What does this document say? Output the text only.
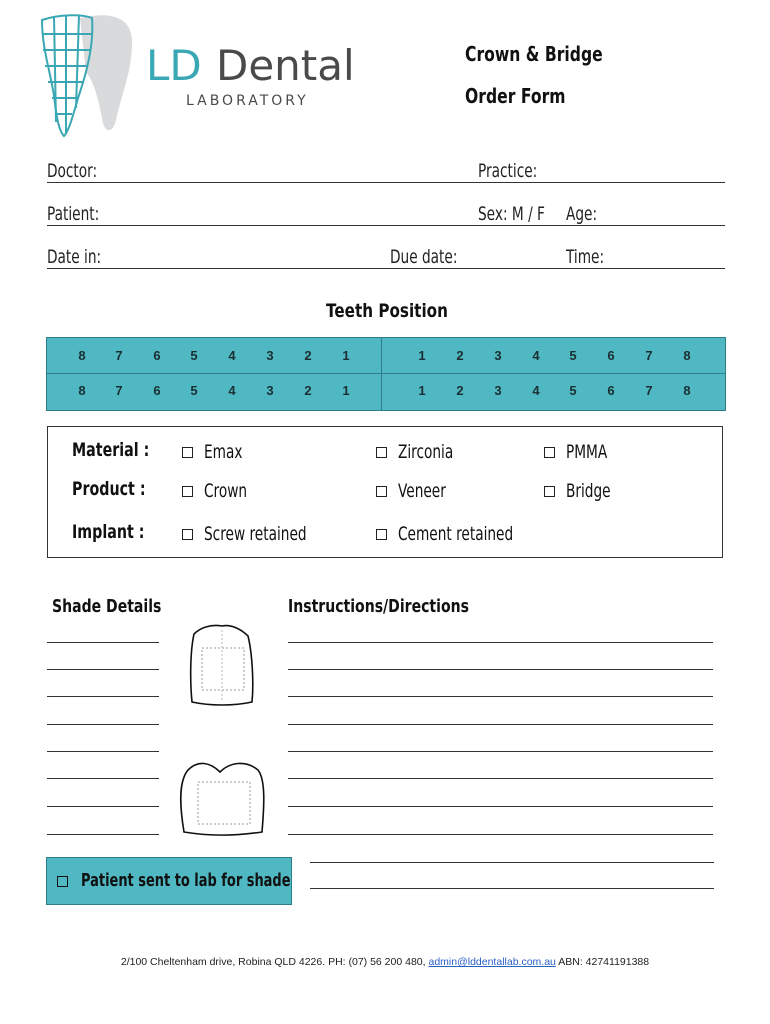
LD Dental
LABORATORY
Crown & Bridge
Order Form
Doctor:	Practice:
Patient:	Sex: M / F Age:
Date in:	Due date:	Time:
Teeth Position
8	7	6	5	4	3	2	1	1	2	3	4	5	6	7	8
8	7	6	5	4	3	2	1	1	2	3	4	5	6	7	8
Material :	Emax	Zirconia	PMMA
Product :	Crown	Veneer	Bridge
Implant :	Screw retained	Cement retained
Shade Details	Instructions/Directions
Patient sent to lab for shade
2/100 Cheltenham drive, Robina QLD 4226. PH: (07) 56 200 480, admin@lddentallab.com.au ABN: 42741191388
